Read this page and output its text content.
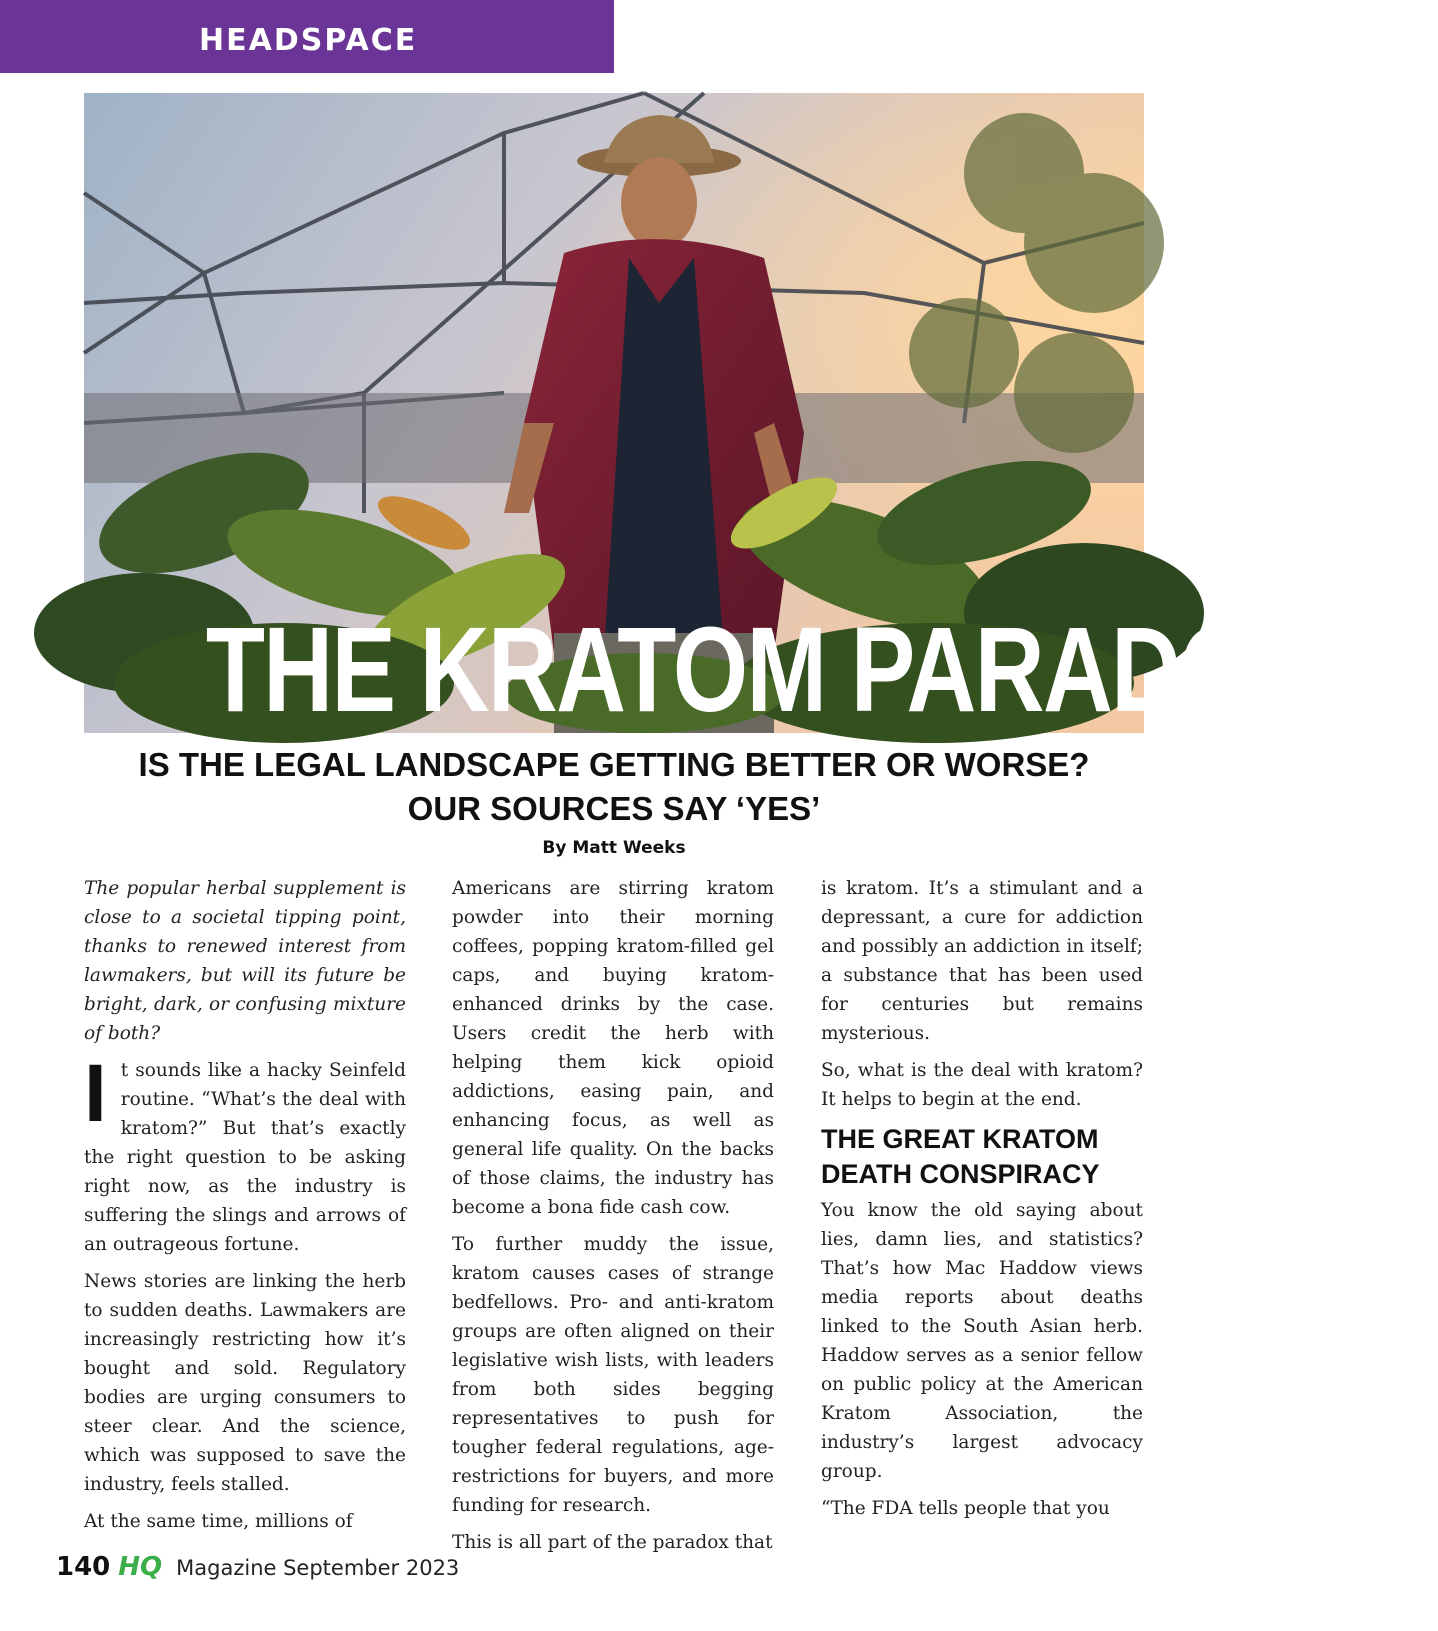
HEADSPACE
THE KRATOM PARADOX
IS THE LEGAL LANDSCAPE GETTING BETTER OR WORSE?
OUR SOURCES SAY ‘YES’
By Matt Weeks

The popular herbal supplement is close to a societal tipping point, thanks to renewed interest from lawmakers, but will its future be bright, dark, or confusing mixture of both?

It sounds like a hacky Seinfeld routine. “What’s the deal with kratom?” But that’s exactly the right question to be asking right now, as the industry is suffering the slings and arrows of an outrageous fortune.

News stories are linking the herb to sudden deaths. Lawmakers are increasingly restricting how it’s bought and sold. Regulatory bodies are urging consumers to steer clear. And the science, which was supposed to save the industry, feels stalled.

At the same time, millions of

Americans are stirring kratom powder into their morning coffees, popping kratom-filled gel caps, and buying kratom-enhanced drinks by the case. Users credit the herb with helping them kick opioid addictions, easing pain, and enhancing focus, as well as general life quality. On the backs of those claims, the industry has become a bona fide cash cow.

To further muddy the issue, kratom causes cases of strange bedfellows. Pro- and anti-kratom groups are often aligned on their legislative wish lists, with leaders from both sides begging representatives to push for tougher federal regulations, age-restrictions for buyers, and more funding for research.

This is all part of the paradox that

is kratom. It’s a stimulant and a depressant, a cure for addiction and possibly an addiction in itself; a substance that has been used for centuries but remains mysterious.

So, what is the deal with kratom? It helps to begin at the end.

THE GREAT KRATOM DEATH CONSPIRACY

You know the old saying about lies, damn lies, and statistics? That’s how Mac Haddow views media reports about deaths linked to the South Asian herb. Haddow serves as a senior fellow on public policy at the American Kratom Association, the industry’s largest advocacy group.

“The FDA tells people that you

140 HQ Magazine September 2023
